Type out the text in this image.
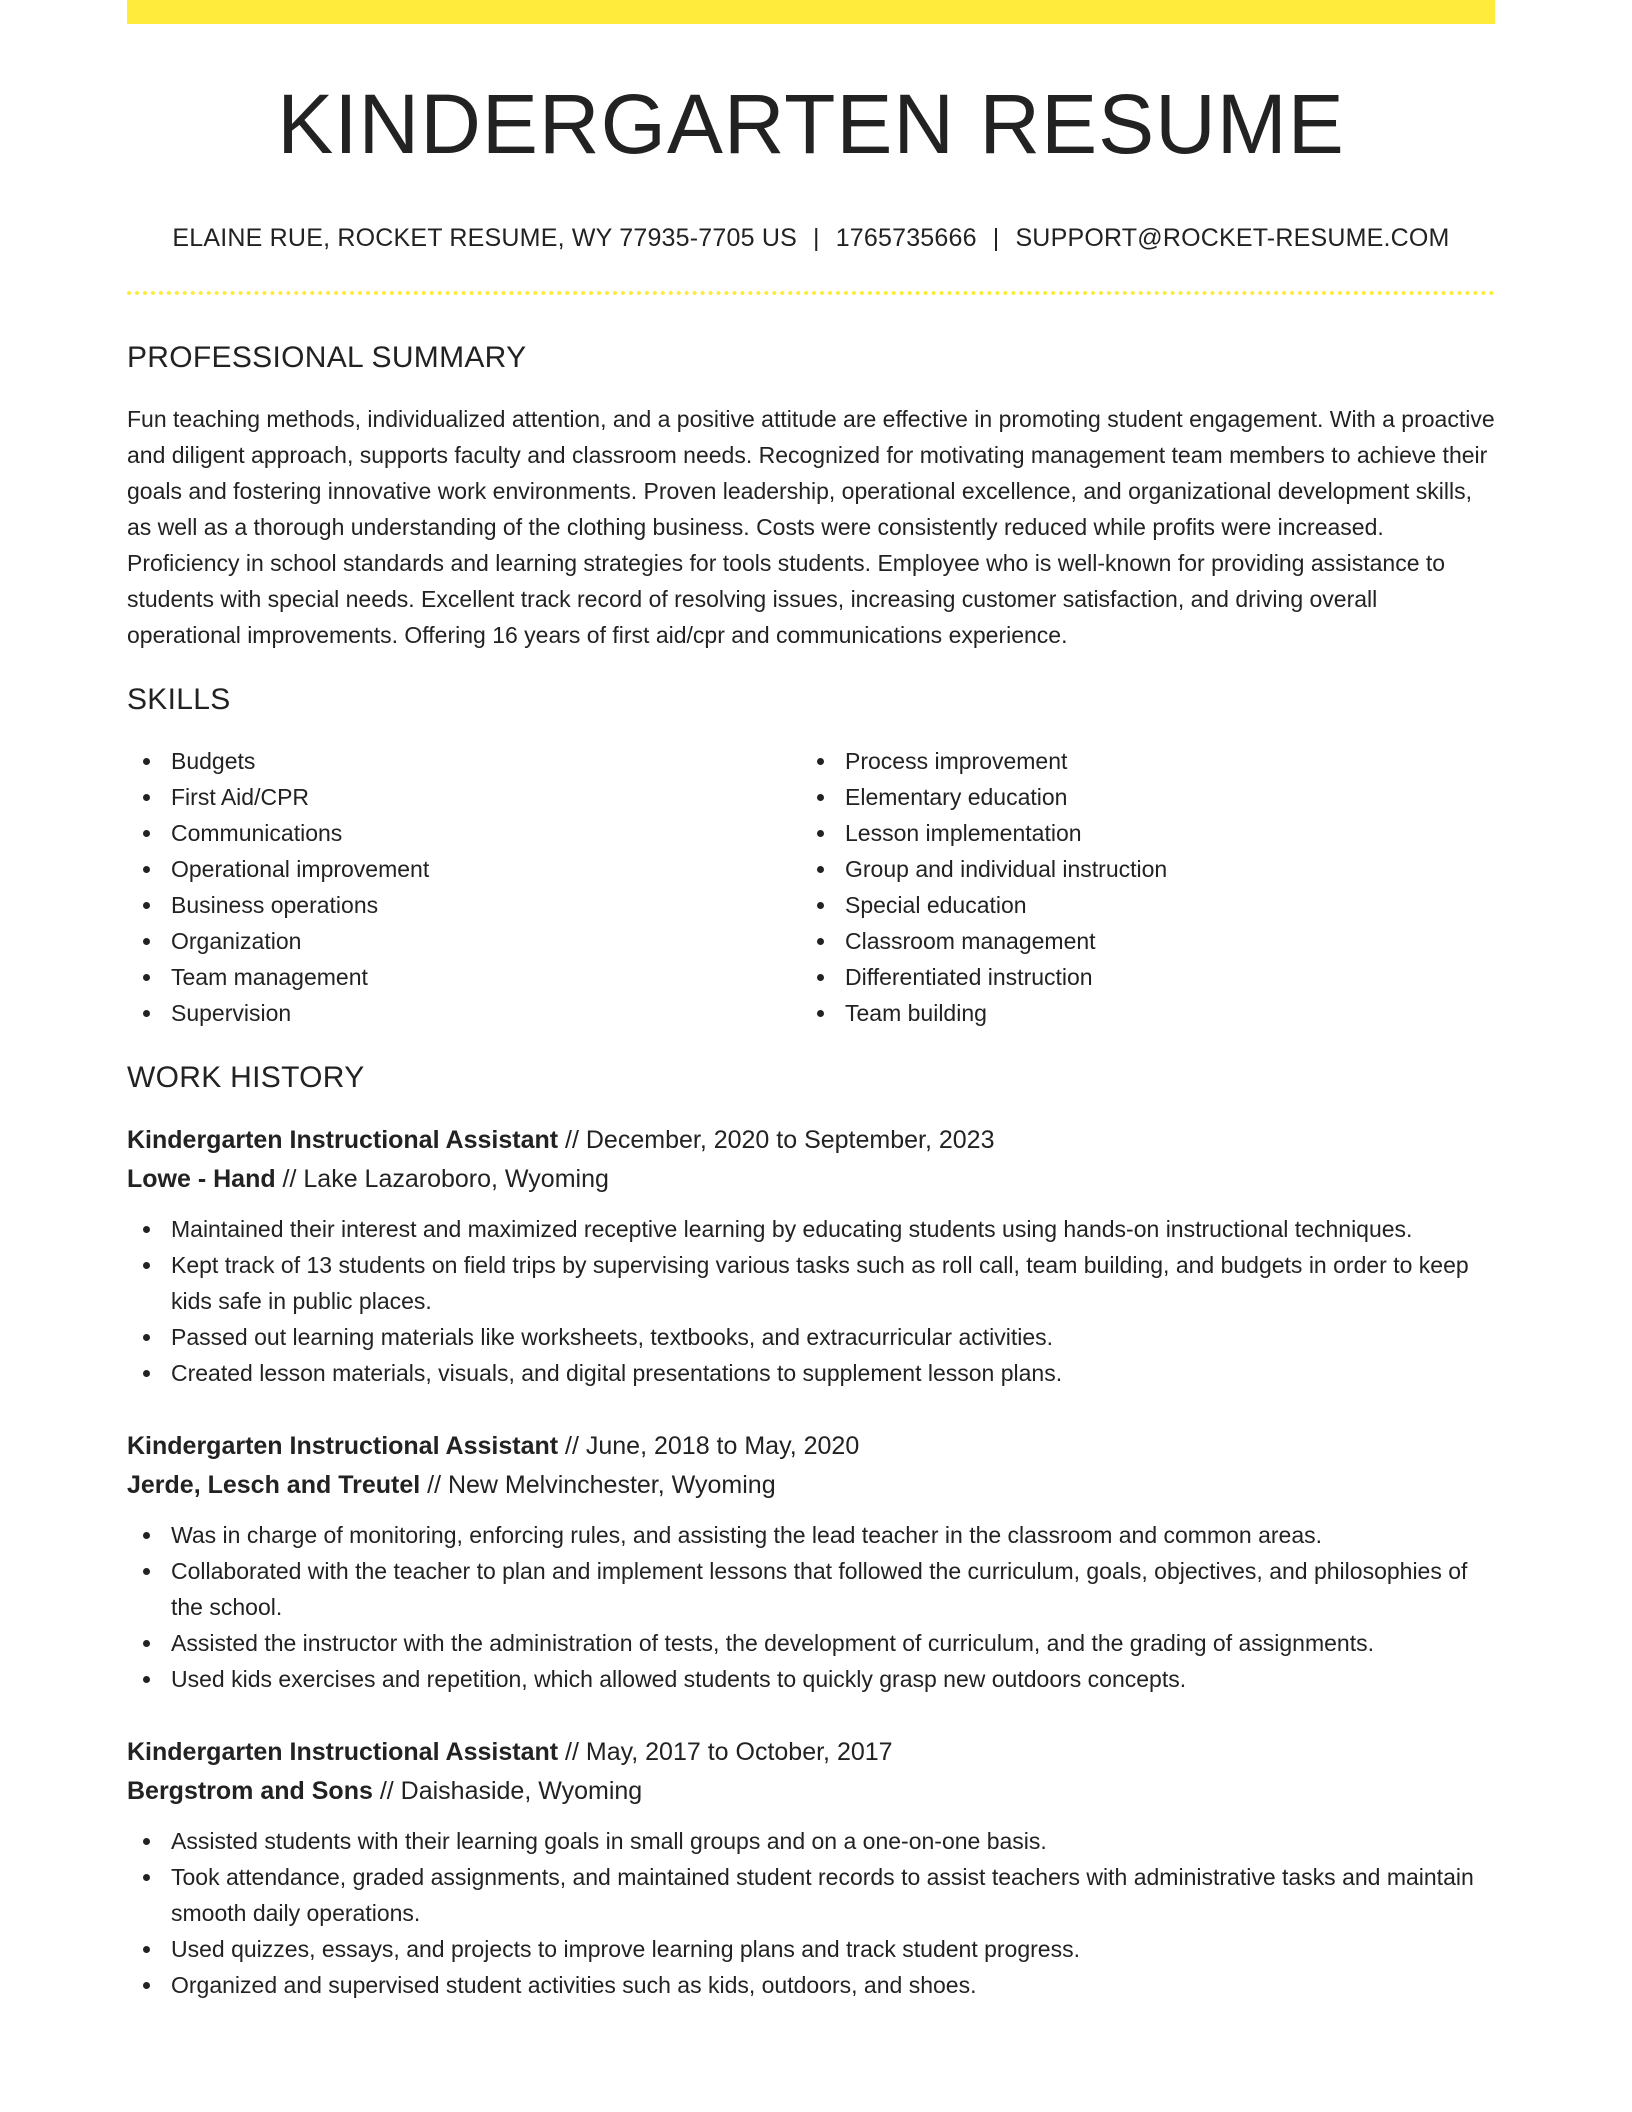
KINDERGARTEN RESUME
ELAINE RUE, ROCKET RESUME, WY 77935-7705 US | 1765735666 | SUPPORT@ROCKET-RESUME.COM
PROFESSIONAL SUMMARY

Fun teaching methods, individualized attention, and a positive attitude are effective in promoting student engagement. With a proactive and diligent approach, supports faculty and classroom needs. Recognized for motivating management team members to achieve their goals and fostering innovative work environments. Proven leadership, operational excellence, and organizational development skills, as well as a thorough understanding of the clothing business. Costs were consistently reduced while profits were increased. Proficiency in school standards and learning strategies for tools students. Employee who is well-known for providing assistance to students with special needs. Excellent track record of resolving issues, increasing customer satisfaction, and driving overall operational improvements. Offering 16 years of first aid/cpr and communications experience.

SKILLS
Budgets
First Aid/CPR
Communications
Operational improvement
Business operations
Organization
Team management
Supervision
Process improvement
Elementary education
Lesson implementation
Group and individual instruction
Special education
Classroom management
Differentiated instruction
Team building
WORK HISTORY
Kindergarten Instructional Assistant // December, 2020 to September, 2023
Lowe - Hand // Lake Lazaroboro, Wyoming
Maintained their interest and maximized receptive learning by educating students using hands-on instructional techniques.
Kept track of 13 students on field trips by supervising various tasks such as roll call, team building, and budgets in order to keep kids safe in public places.
Passed out learning materials like worksheets, textbooks, and extracurricular activities.
Created lesson materials, visuals, and digital presentations to supplement lesson plans.
Kindergarten Instructional Assistant // June, 2018 to May, 2020
Jerde, Lesch and Treutel // New Melvinchester, Wyoming
Was in charge of monitoring, enforcing rules, and assisting the lead teacher in the classroom and common areas.
Collaborated with the teacher to plan and implement lessons that followed the curriculum, goals, objectives, and philosophies of the school.
Assisted the instructor with the administration of tests, the development of curriculum, and the grading of assignments.
Used kids exercises and repetition, which allowed students to quickly grasp new outdoors concepts.
Kindergarten Instructional Assistant // May, 2017 to October, 2017
Bergstrom and Sons // Daishaside, Wyoming
Assisted students with their learning goals in small groups and on a one-on-one basis.
Took attendance, graded assignments, and maintained student records to assist teachers with administrative tasks and maintain smooth daily operations.
Used quizzes, essays, and projects to improve learning plans and track student progress.
Organized and supervised student activities such as kids, outdoors, and shoes.
